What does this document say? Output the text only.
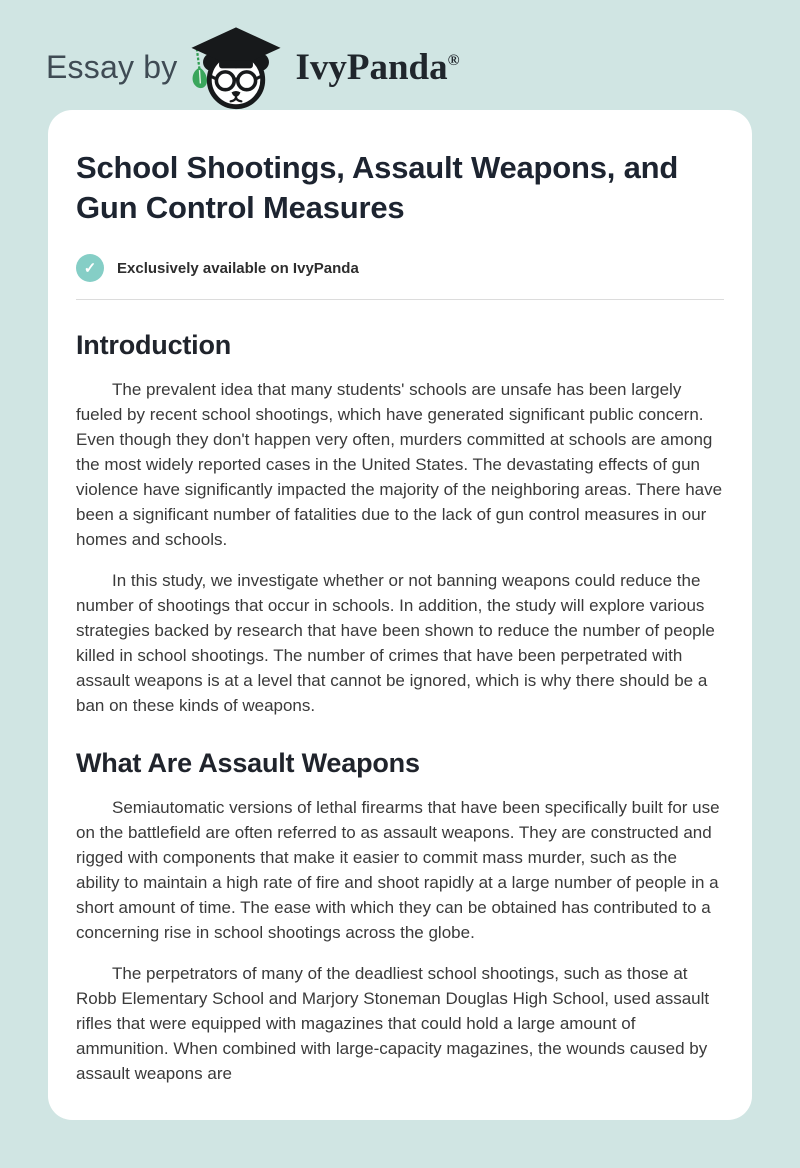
Essay by	IvyPanda®
School Shootings, Assault Weapons, and Gun Control Measures
✓	Exclusively available on IvyPanda
Introduction

The prevalent idea that many students' schools are unsafe has been largely fueled by recent school shootings, which have generated significant public concern. Even though they don't happen very often, murders committed at schools are among the most widely reported cases in the United States. The devastating effects of gun violence have significantly impacted the majority of the neighboring areas. There have been a significant number of fatalities due to the lack of gun control measures in our homes and schools.

In this study, we investigate whether or not banning weapons could reduce the number of shootings that occur in schools. In addition, the study will explore various strategies backed by research that have been shown to reduce the number of people killed in school shootings. The number of crimes that have been perpetrated with assault weapons is at a level that cannot be ignored, which is why there should be a ban on these kinds of weapons.

What Are Assault Weapons

Semiautomatic versions of lethal firearms that have been specifically built for use on the battlefield are often referred to as assault weapons. They are constructed and rigged with components that make it easier to commit mass murder, such as the ability to maintain a high rate of fire and shoot rapidly at a large number of people in a short amount of time. The ease with which they can be obtained has contributed to a concerning rise in school shootings across the globe.

The perpetrators of many of the deadliest school shootings, such as those at Robb Elementary School and Marjory Stoneman Douglas High School, used assault rifles that were equipped with magazines that could hold a large amount of ammunition. When combined with large-capacity magazines, the wounds caused by assault weapons are
